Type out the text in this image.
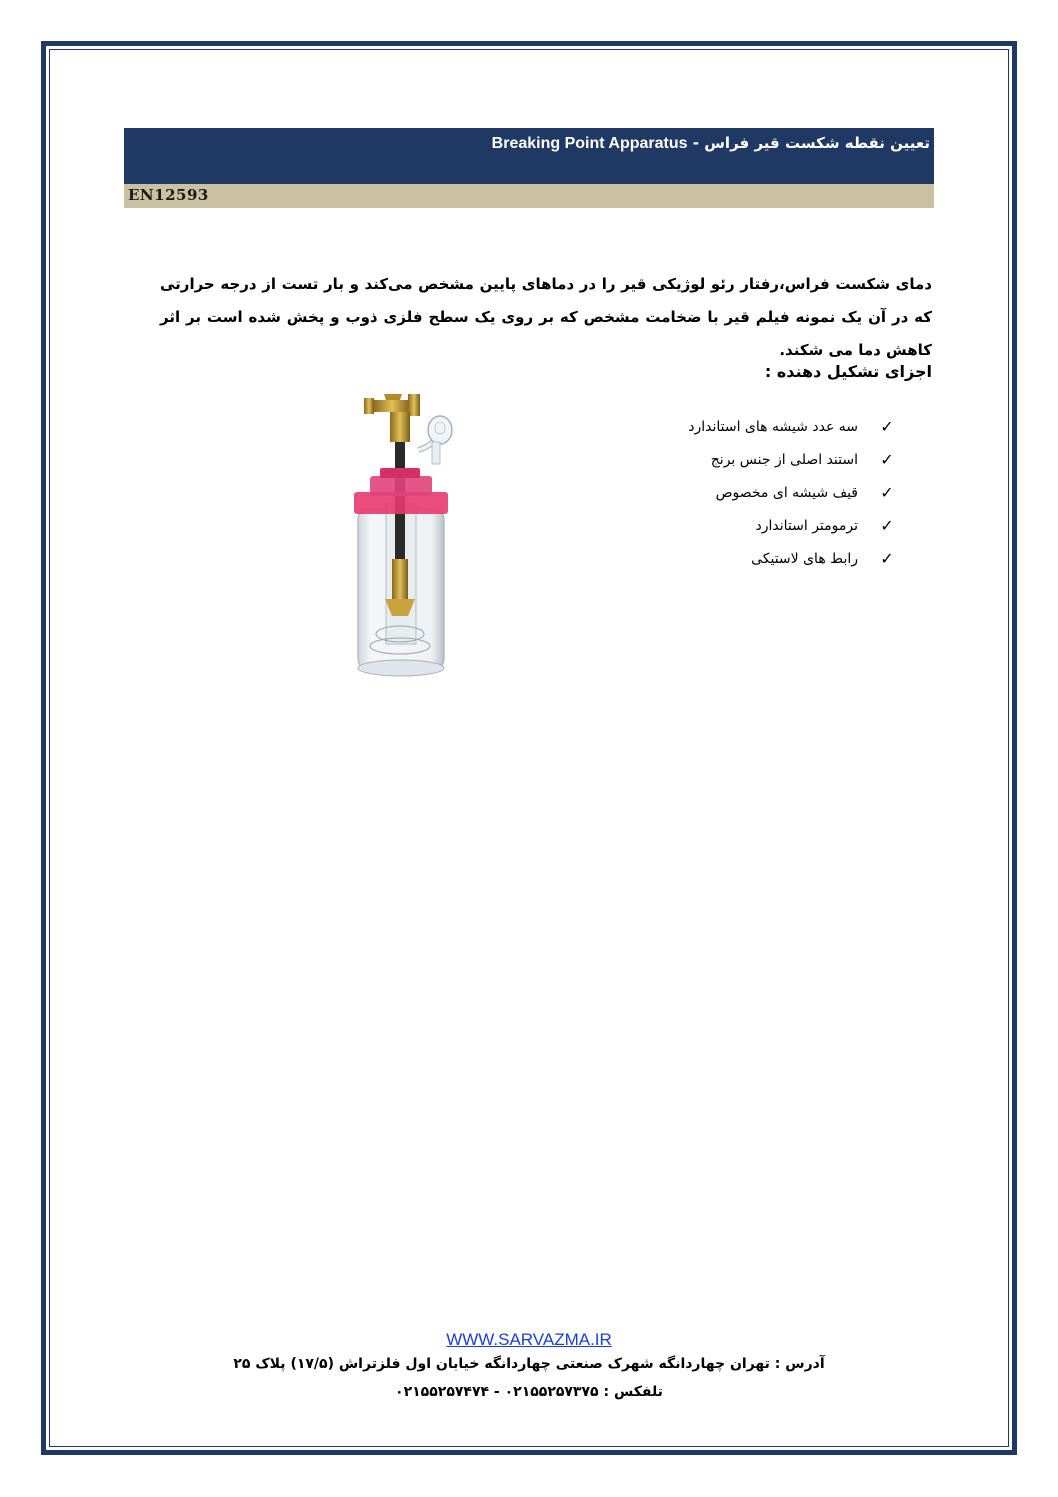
تعیین نقطه شکست قیر فراس - Breaking Point Apparatus
EN12593
دمای شکست فراس،رفتار رئو لوژیکی قیر را در دماهای پایین مشخص می‌کند و بار تست از درجه حرارتی که در آن یک نمونه فیلم قیر با ضخامت مشخص که بر روی یک سطح فلزی ذوب و پخش شده است بر اثر کاهش دما می شکند.
اجزای تشکیل دهنده :
✓
سه عدد شیشه های استاندارد
✓
استند اصلی از جنس برنج
✓
قیف شیشه ای مخصوص
✓
ترمومتر استاندارد
✓
رابط های لاستیکی
WWW.SARVAZMA.IR
آدرس : تهران چهاردانگه شهرک صنعتی چهاردانگه خیابان اول فلزتراش (۱۷/۵) پلاک ۲۵
تلفکس : ۰۲۱۵۵۲۵۷۳۷۵ - ۰۲۱۵۵۲۵۷۴۷۴
